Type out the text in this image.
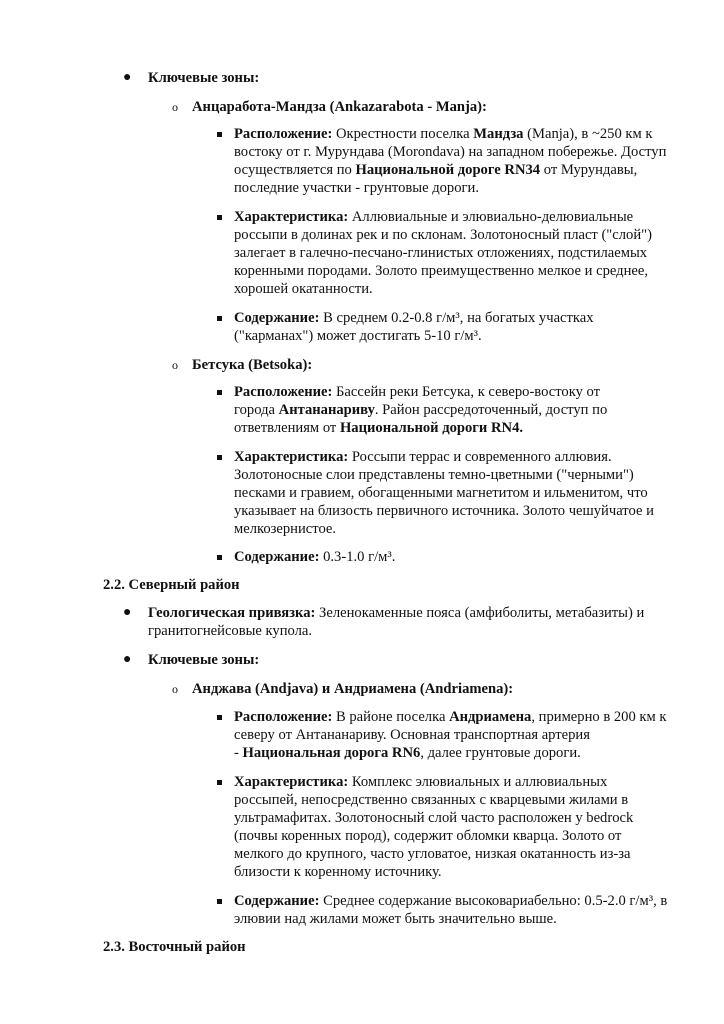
● Ключевые зоны:
o Анцаработа-Мандза (Ankazarabota - Manja):
Расположение: Окрестности поселка Мандза (Manja), в ~250 км к
востоку от г. Мурундава (Morondava) на западном побережье. Доступ
осуществляется по Национальной дороге RN34 от Мурундавы,
последние участки - грунтовые дороги.
Характеристика: Аллювиальные и элювиально-делювиальные
россыпи в долинах рек и по склонам. Золотоносный пласт ("слой")
залегает в галечно-песчано-глинистых отложениях, подстилаемых
коренными породами. Золото преимущественно мелкое и среднее,
хорошей окатанности.
Содержание: В среднем 0.2-0.8 г/м³, на богатых участках
("карманах") может достигать 5-10 г/м³.
o Бетсука (Betsoka):
Расположение: Бассейн реки Бетсука, к северо-востоку от
города Антананариву. Район рассредоточенный, доступ по
ответвлениям от Национальной дороги RN4.
Характеристика: Россыпи террас и современного аллювия.
Золотоносные слои представлены темно-цветными ("черными")
песками и гравием, обогащенными магнетитом и ильменитом, что
указывает на близость первичного источника. Золото чешуйчатое и
мелкозернистое.
Содержание: 0.3-1.0 г/м³.
2.2. Северный район
● Геологическая привязка: Зеленокаменные пояса (амфиболиты, метабазиты) и
гранитогнейсовые купола.
● Ключевые зоны:
o Анджава (Andjava) и Андриамена (Andriamena):
Расположение: В районе поселка Андриамена, примерно в 200 км к
северу от Антананариву. Основная транспортная артерия
- Национальная дорога RN6, далее грунтовые дороги.
Характеристика: Комплекс элювиальных и аллювиальных
россыпей, непосредственно связанных с кварцевыми жилами в
ультрамафитах. Золотоносный слой часто расположен у bedrock
(почвы коренных пород), содержит обломки кварца. Золото от
мелкого до крупного, часто угловатое, низкая окатанность из-за
близости к коренному источнику.
Содержание: Среднее содержание высоковариабельно: 0.5-2.0 г/м³, в
элювии над жилами может быть значительно выше.
2.3. Восточный район
